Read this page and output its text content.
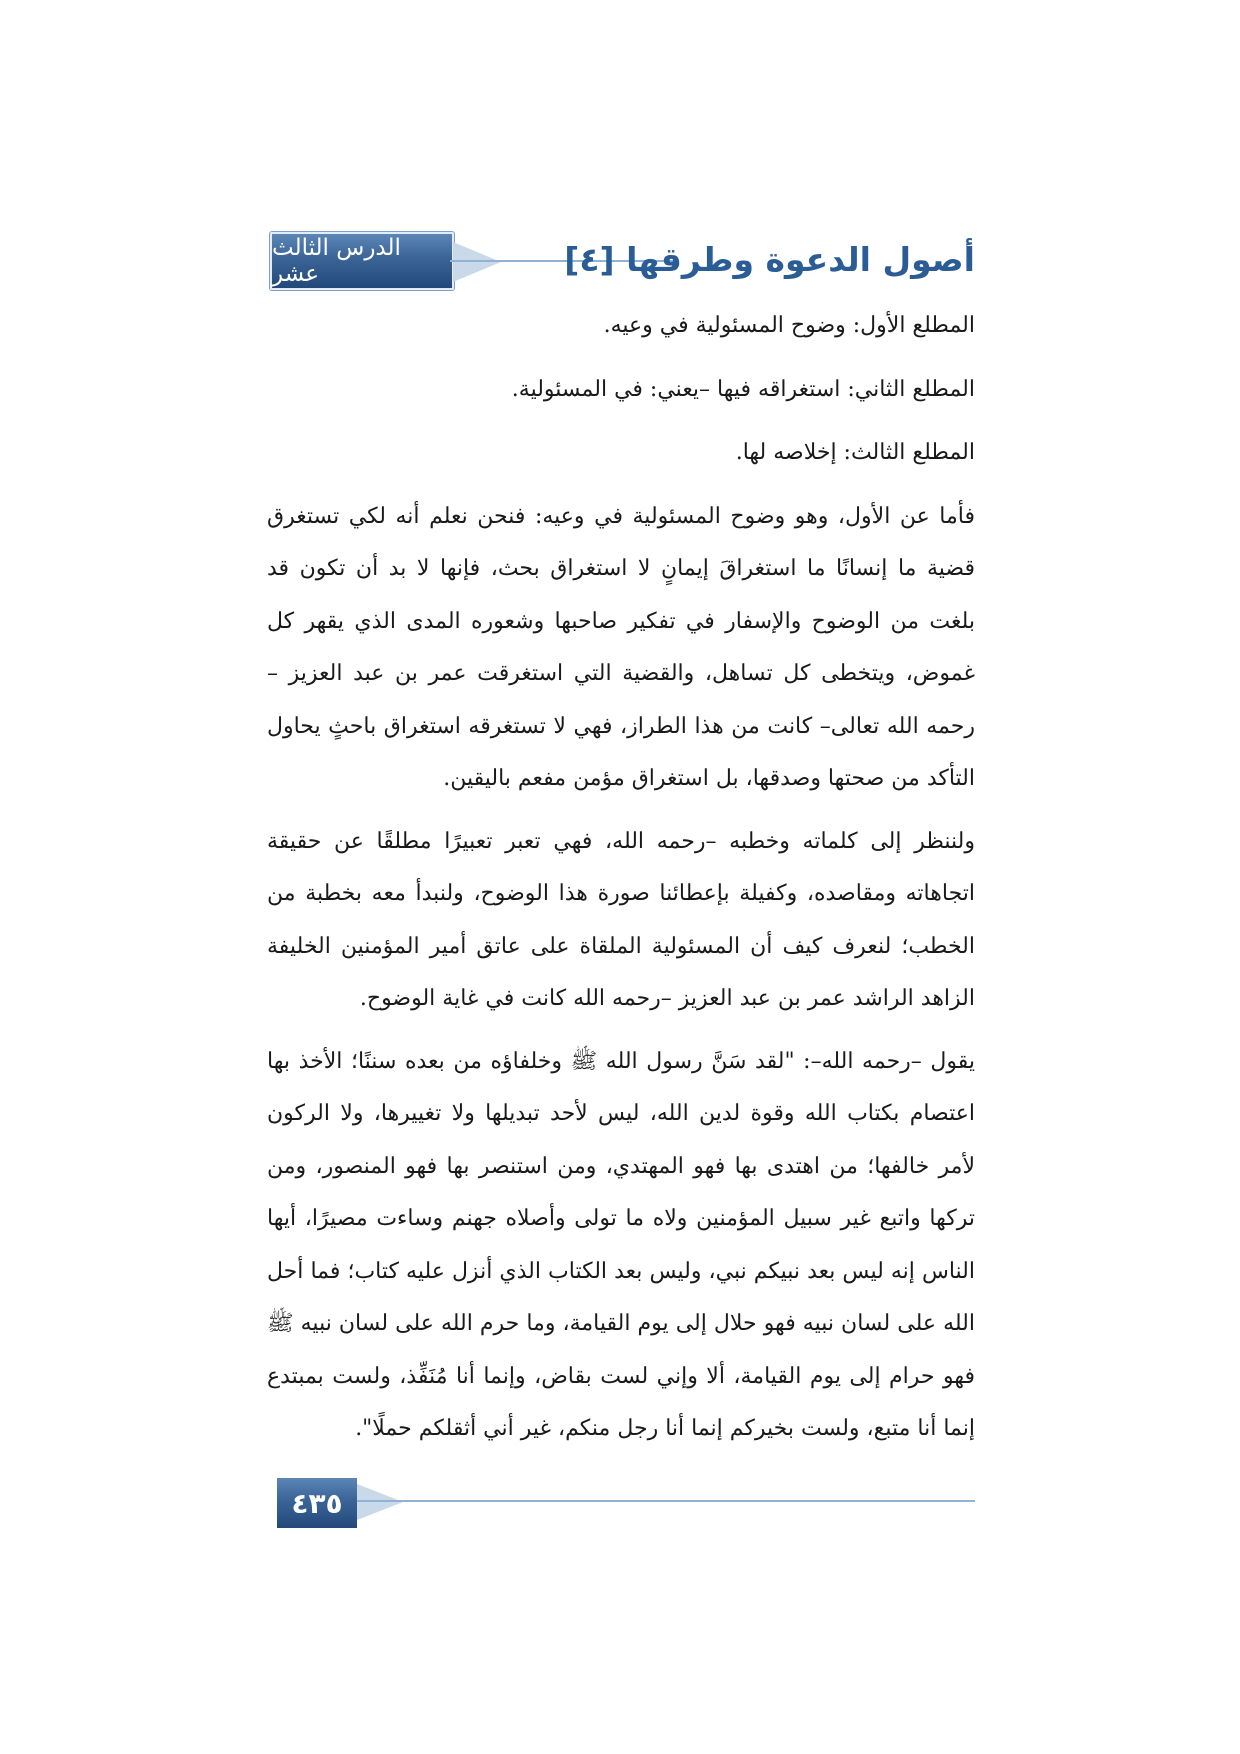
الدرس الثالث عشر	أصول الدعوة وطرقها [٤]

المطلع الأول: وضوح المسئولية في وعيه.

المطلع الثاني: استغراقه فيها –يعني: في المسئولية.

المطلع الثالث: إخلاصه لها.

فأما عن الأول، وهو وضوح المسئولية في وعيه: فنحن نعلم أنه لكي تستغرق قضية ما إنسانًا ما استغراقَ إيمانٍ لا استغراق بحث، فإنها لا بد أن تكون قد بلغت من الوضوح والإسفار في تفكير صاحبها وشعوره المدى الذي يقهر كل غموض، ويتخطى كل تساهل، والقضية التي استغرقت عمر بن عبد العزيز –رحمه الله تعالى– كانت من هذا الطراز، فهي لا تستغرقه استغراق باحثٍ يحاول التأكد من صحتها وصدقها، بل استغراق مؤمن مفعم باليقين.

ولننظر إلى كلماته وخطبه –رحمه الله، فهي تعبر تعبيرًا مطلقًا عن حقيقة اتجاهاته ومقاصده، وكفيلة بإعطائنا صورة هذا الوضوح، ولنبدأ معه بخطبة من الخطب؛ لنعرف كيف أن المسئولية الملقاة على عاتق أمير المؤمنين الخليفة الزاهد الراشد عمر بن عبد العزيز –رحمه الله كانت في غاية الوضوح.

يقول –رحمه الله–: "لقد سَنَّ رسول الله ﷺ وخلفاؤه من بعده سننًا؛ الأخذ بها اعتصام بكتاب الله وقوة لدين الله، ليس لأحد تبديلها ولا تغييرها، ولا الركون لأمر خالفها؛ من اهتدى بها فهو المهتدي، ومن استنصر بها فهو المنصور، ومن تركها واتبع غير سبيل المؤمنين ولاه ما تولى وأصلاه جهنم وساءت مصيرًا، أيها الناس إنه ليس بعد نبيكم نبي، وليس بعد الكتاب الذي أنزل عليه كتاب؛ فما أحل الله على لسان نبيه فهو حلال إلى يوم القيامة، وما حرم الله على لسان نبيه ﷺ فهو حرام إلى يوم القيامة، ألا وإني لست بقاض، وإنما أنا مُنَفِّذ، ولست بمبتدع إنما أنا متبع، ولست بخيركم إنما أنا رجل منكم، غير أني أثقلكم حملًا".

٤٣٥
